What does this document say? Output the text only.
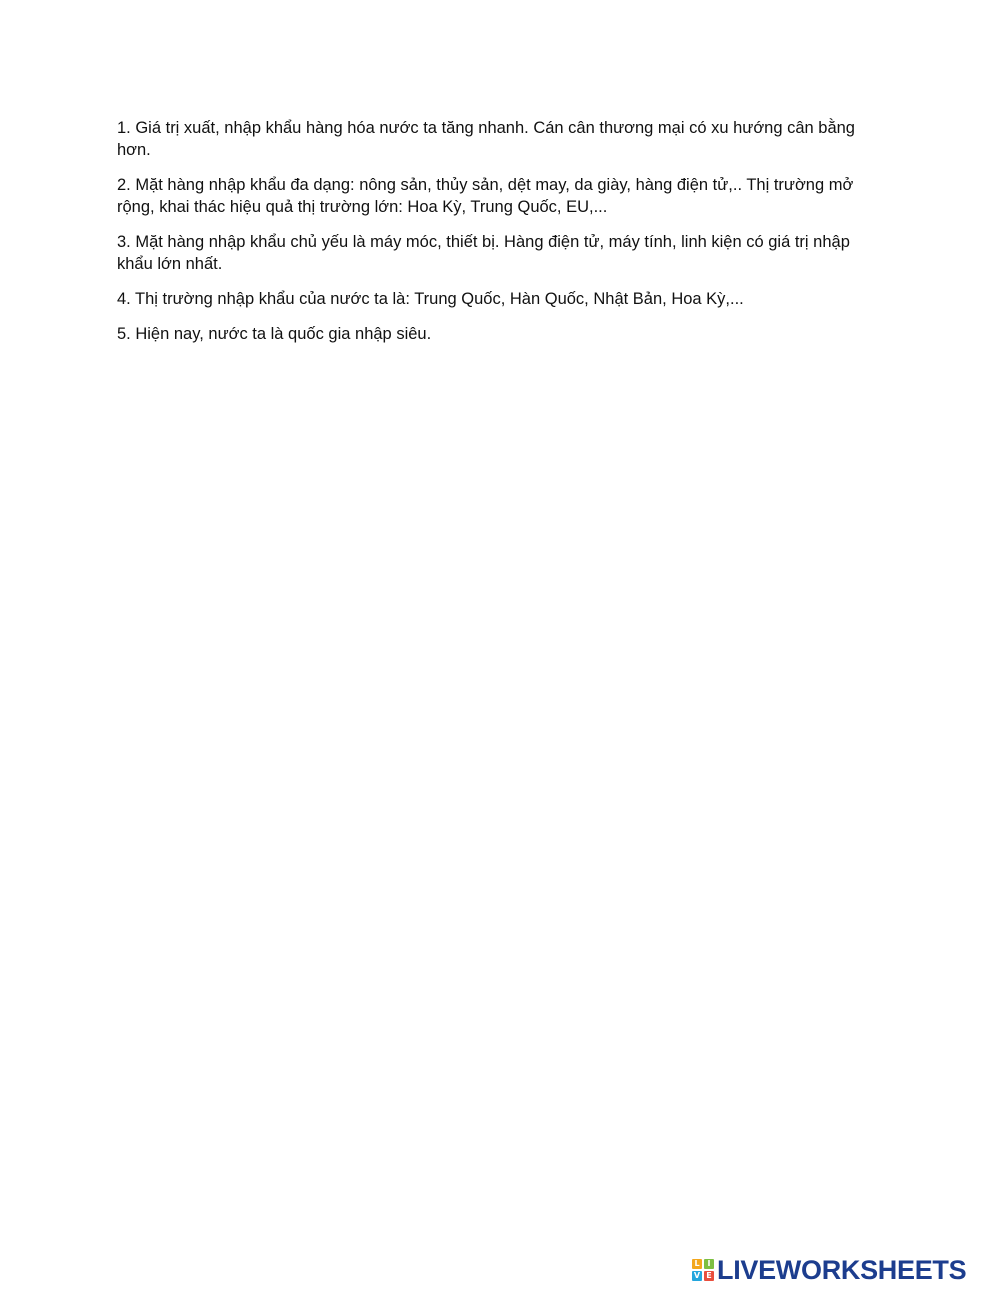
1. Giá trị xuất, nhập khẩu hàng hóa nước ta tăng nhanh. Cán cân thương mại có xu hướng cân bằng hơn.

2. Mặt hàng nhập khẩu đa dạng: nông sản, thủy sản, dệt may, da giày, hàng điện tử,.. Thị trường mở rộng, khai thác hiệu quả thị trường lớn: Hoa Kỳ, Trung Quốc, EU,...

3. Mặt hàng nhập khẩu chủ yếu là máy móc, thiết bị. Hàng điện tử, máy tính, linh kiện có giá trị nhập khẩu lớn nhất.

4. Thị trường nhập khẩu của nước ta là: Trung Quốc, Hàn Quốc, Nhật Bản, Hoa Kỳ,...

5. Hiện nay, nước ta là quốc gia nhập siêu.

L I
V E LIVEWORKSHEETS
